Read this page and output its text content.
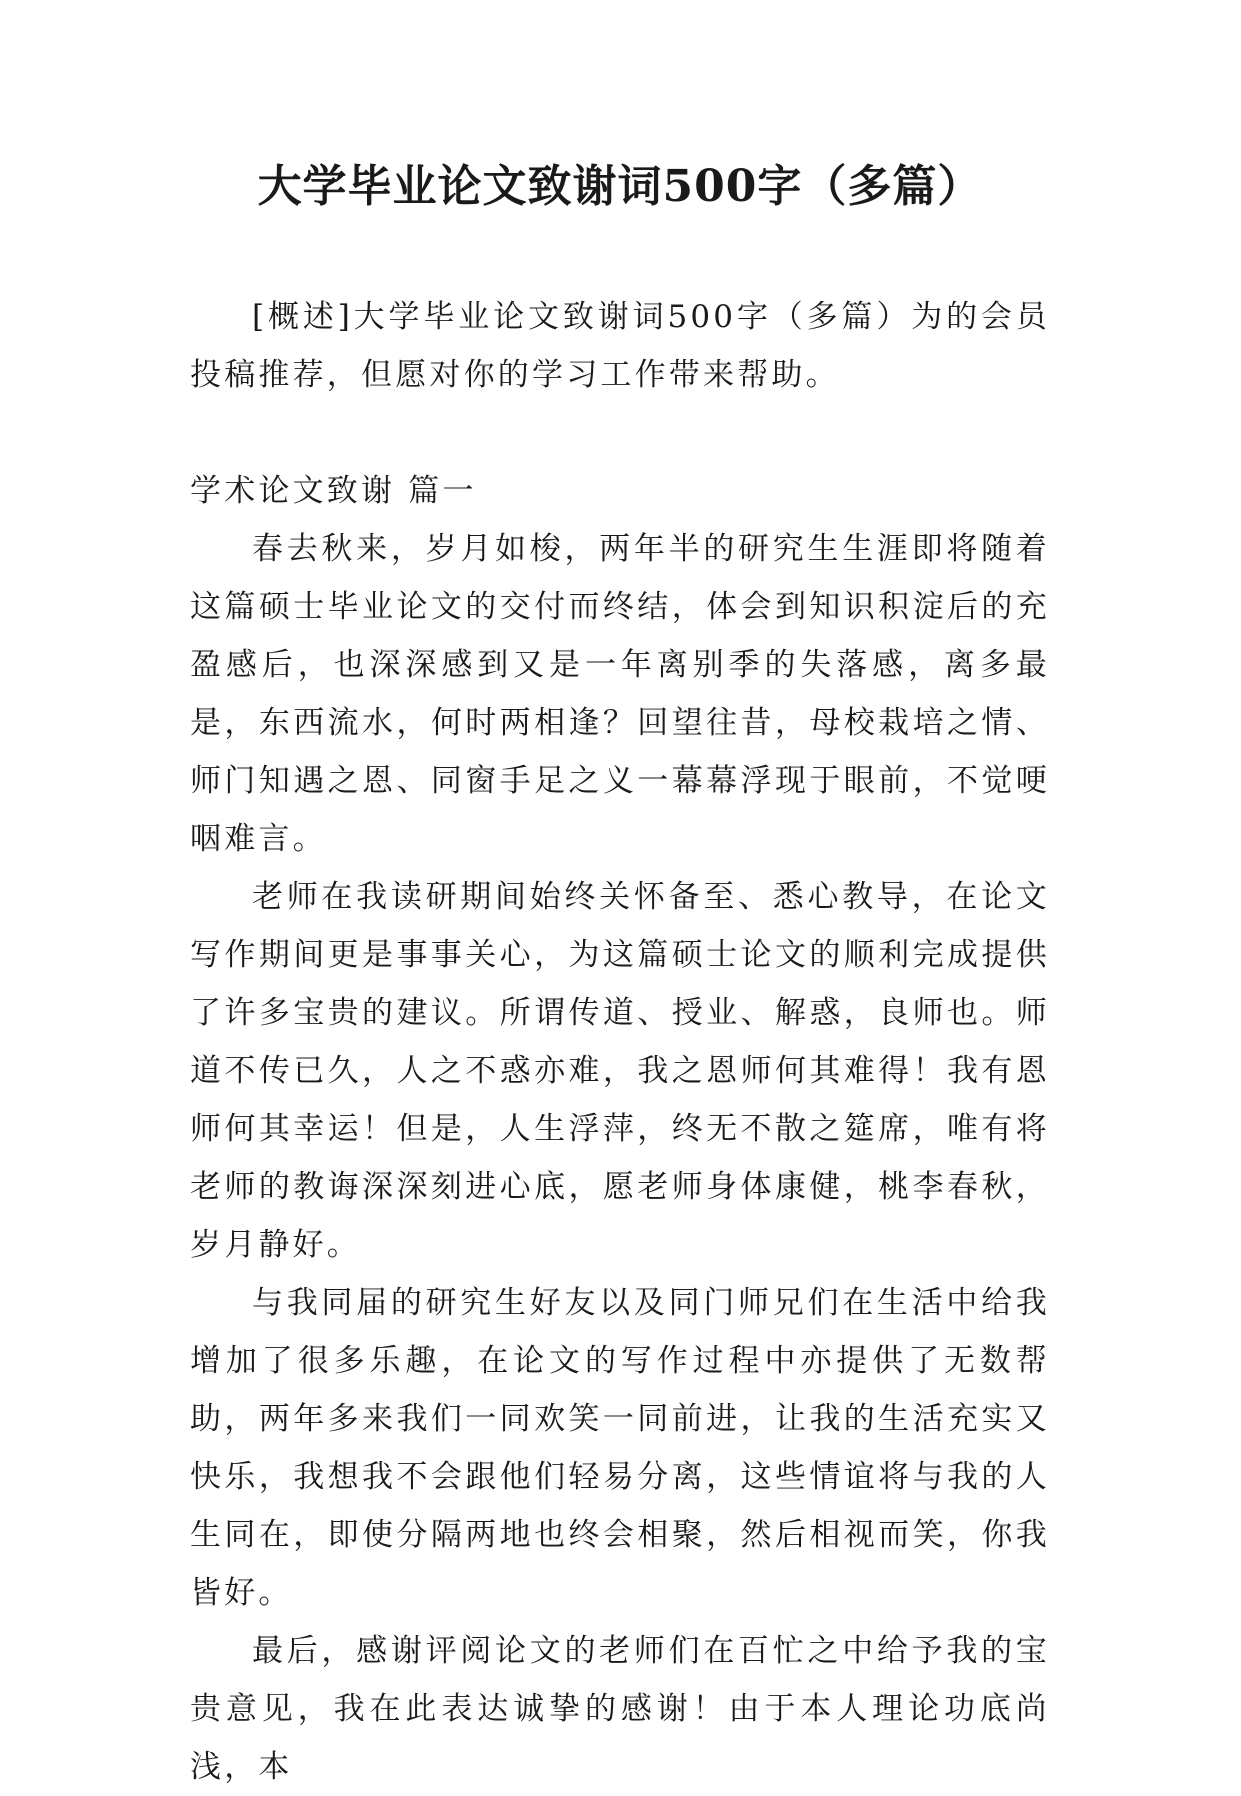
大学毕业论文致谢词500字（多篇）

[概述]大学毕业论文致谢词500字（多篇）为的会员投稿推荐，但愿对你的学习工作带来帮助。

学术论文致谢 篇一

春去秋来，岁月如梭，两年半的研究生生涯即将随着这篇硕士毕业论文的交付而终结，体会到知识积淀后的充盈感后，也深深感到又是一年离别季的失落感，离多最是，东西流水，何时两相逢？回望往昔，母校栽培之情、师门知遇之恩、同窗手足之义一幕幕浮现于眼前，不觉哽咽难言。

老师在我读研期间始终关怀备至、悉心教导，在论文写作期间更是事事关心，为这篇硕士论文的顺利完成提供了许多宝贵的建议。所谓传道、授业、解惑，良师也。师道不传已久，人之不惑亦难，我之恩师何其难得！我有恩师何其幸运！但是，人生浮萍，终无不散之筵席，唯有将老师的教诲深深刻进心底，愿老师身体康健，桃李春秋，岁月静好。

与我同届的研究生好友以及同门师兄们在生活中给我增加了很多乐趣，在论文的写作过程中亦提供了无数帮助，两年多来我们一同欢笑一同前进，让我的生活充实又快乐，我想我不会跟他们轻易分离，这些情谊将与我的人生同在，即使分隔两地也终会相聚，然后相视而笑，你我皆好。

最后，感谢评阅论文的老师们在百忙之中给予我的宝贵意见，我在此表达诚挚的感谢！由于本人理论功底尚浅，本
